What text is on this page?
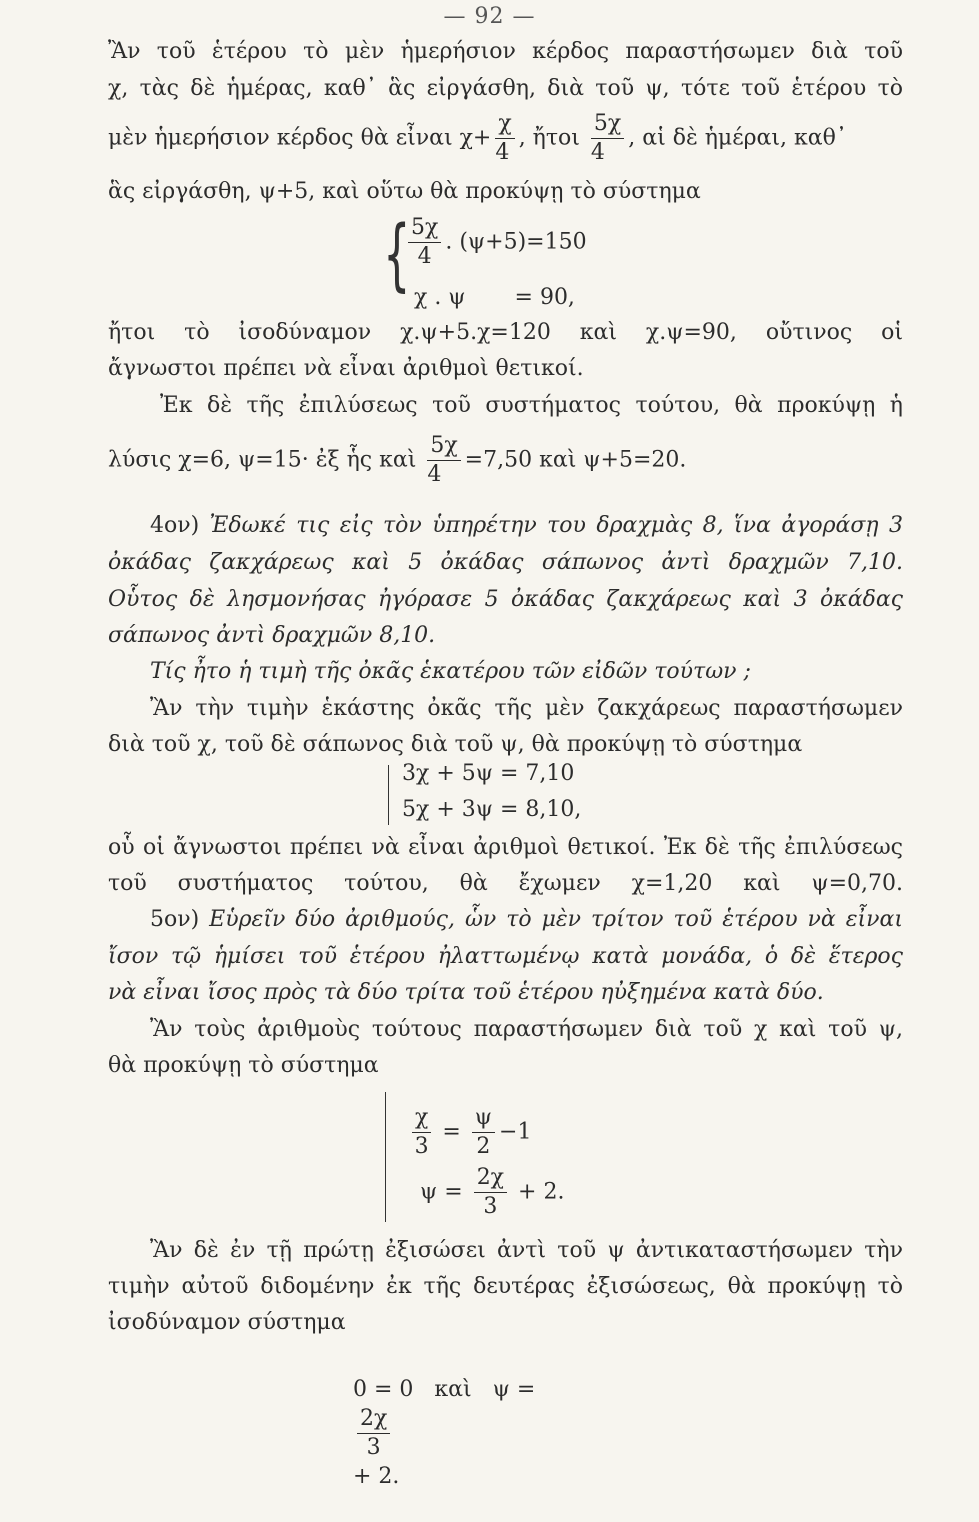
— 92 —
Ἂν τοῦ ἑτέρου τὸ μὲν ἡμερήσιον κέρδος παραστήσωμεν διὰ τοῦ
χ, τὰς δὲ ἡμέρας, καθ᾽ ἃς εἰργάσθη, διὰ τοῦ ψ, τότε τοῦ ἑτέρου τὸ
μὲν ἡμερήσιον κέρδος θὰ εἶναι $\chi+ \frac{\chi}{4}$ , ἤτοι $\frac{5\chi}{4}$ , αἱ δὲ ἡμέραι, καθ᾽
ἃς εἰργάσθη, ψ+5, καὶ οὕτω θὰ προκύψῃ τὸ σύστημα
{
$\frac{5\chi}{4}$ . (ψ+5)=150
χ . ψ       = 90,
ἤτοι τὸ ἰσοδύναμον χ.ψ+5.χ=120 καὶ χ.ψ=90, οὔτινος οἱ
ἄγνωστοι πρέπει νὰ εἶναι ἀριθμοὶ θετικοί.
Ἐκ δὲ τῆς ἐπιλύσεως τοῦ συστήματος τούτου, θὰ προκύψῃ ἡ
λύσις χ=6, ψ=15· ἐξ ἧς καὶ $\frac{5\chi}{4} =7,50$ καὶ ψ+5=20.
4ον) Ἐδωκέ τις εἰς τὸν ὑπηρέτην του δραχμὰς 8, ἵνα ἀγοράσῃ 3
ὀκάδας ζακχάρεως καὶ 5 ὀκάδας σάπωνος ἀντὶ δραχμῶν 7,10.
Οὗτος δὲ λησμονήσας ἠγόρασε 5 ὀκάδας ζακχάρεως καὶ 3 ὀκάδας
σάπωνος ἀντὶ δραχμῶν 8,10.
Τίς ἦτο ἡ τιμὴ τῆς ὀκᾶς ἑκατέρου τῶν εἰδῶν τούτων ;
Ἂν τὴν τιμὴν ἑκάστης ὀκᾶς τῆς μὲν ζακχάρεως παραστήσωμεν
διὰ τοῦ χ, τοῦ δὲ σάπωνος διὰ τοῦ ψ, θὰ προκύψῃ τὸ σύστημα
3χ + 5ψ = 7,10
5χ + 3ψ = 8,10,
οὗ οἱ ἄγνωστοι πρέπει νὰ εἶναι ἀριθμοὶ θετικοί. Ἐκ δὲ τῆς ἐπιλύσεως
τοῦ συστήματος τούτου, θὰ ἔχωμεν χ=1,20 καὶ ψ=0,70.
5ον) Εὑρεῖν δύο ἀριθμούς, ὧν τὸ μὲν τρίτον τοῦ ἑτέρου νὰ εἶναι
ἴσον τῷ ἡμίσει τοῦ ἑτέρου ἠλαττωμένῳ κατὰ μονάδα, ὁ δὲ ἕτερος
νὰ εἶναι ἴσος πρὸς τὰ δύο τρίτα τοῦ ἑτέρου ηὐξημένα κατὰ δύο.
Ἂν τοὺς ἀριθμοὺς τούτους παραστήσωμεν διὰ τοῦ χ καὶ τοῦ ψ,
θὰ προκύψῃ τὸ σύστημα
$\frac{\chi}{3} = \frac{\psi}{2} -1$
$\psi = \frac{2\chi}{3} + 2$.
Ἂν δὲ ἐν τῇ πρώτῃ ἐξισώσει ἀντὶ τοῦ ψ ἀντικαταστήσωμεν τὴν
τιμὴν αὐτοῦ διδομένην ἐκ τῆς δευτέρας ἐξισώσεως, θὰ προκύψῃ τὸ
ἰσοδύναμον σύστημα

0 = 0   καὶ   ψ =

$\frac{2\chi}{3}$

+ 2.
